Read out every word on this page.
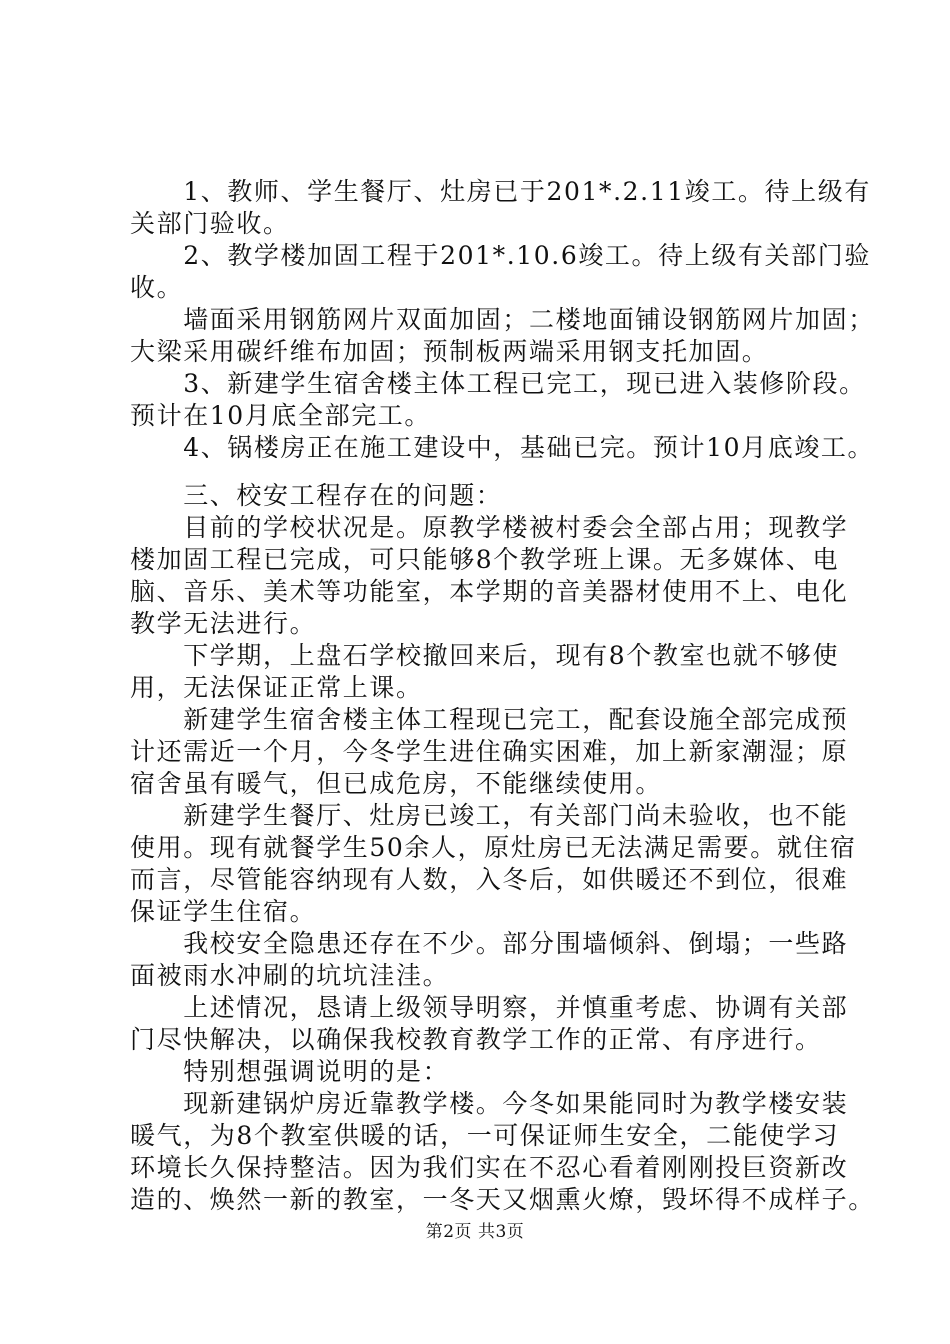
　　1、教师、学生餐厅、灶房已于201*.2.11竣工。待上级有
关部门验收。
　　2、教学楼加固工程于201*.10.6竣工。待上级有关部门验
收。
　　墙面采用钢筋网片双面加固；二楼地面铺设钢筋网片加固；
大梁采用碳纤维布加固；预制板两端采用钢支托加固。
　　3、新建学生宿舍楼主体工程已完工，现已进入装修阶段。
预计在10月底全部完工。
　　4、锅楼房正在施工建设中，基础已完。预计10月底竣工。
　　三、校安工程存在的问题：
　　目前的学校状况是。原教学楼被村委会全部占用；现教学
楼加固工程已完成，可只能够8个教学班上课。无多媒体、电
脑、音乐、美术等功能室，本学期的音美器材使用不上、电化
教学无法进行。
　　下学期，上盘石学校撤回来后，现有8个教室也就不够使
用，无法保证正常上课。
　　新建学生宿舍楼主体工程现已完工，配套设施全部完成预
计还需近一个月，今冬学生进住确实困难，加上新家潮湿；原
宿舍虽有暖气，但已成危房，不能继续使用。
　　新建学生餐厅、灶房已竣工，有关部门尚未验收，也不能
使用。现有就餐学生50余人，原灶房已无法满足需要。就住宿
而言，尽管能容纳现有人数，入冬后，如供暖还不到位，很难
保证学生住宿。
　　我校安全隐患还存在不少。部分围墙倾斜、倒塌；一些路
面被雨水冲刷的坑坑洼洼。
　　上述情况，恳请上级领导明察，并慎重考虑、协调有关部
门尽快解决，以确保我校教育教学工作的正常、有序进行。
　　特别想强调说明的是：
　　现新建锅炉房近靠教学楼。今冬如果能同时为教学楼安装
暖气，为8个教室供暖的话，一可保证师生安全，二能使学习
环境长久保持整洁。因为我们实在不忍心看着刚刚投巨资新改
造的、焕然一新的教室，一冬天又烟熏火燎，毁坏得不成样子。
第2页 共3页
